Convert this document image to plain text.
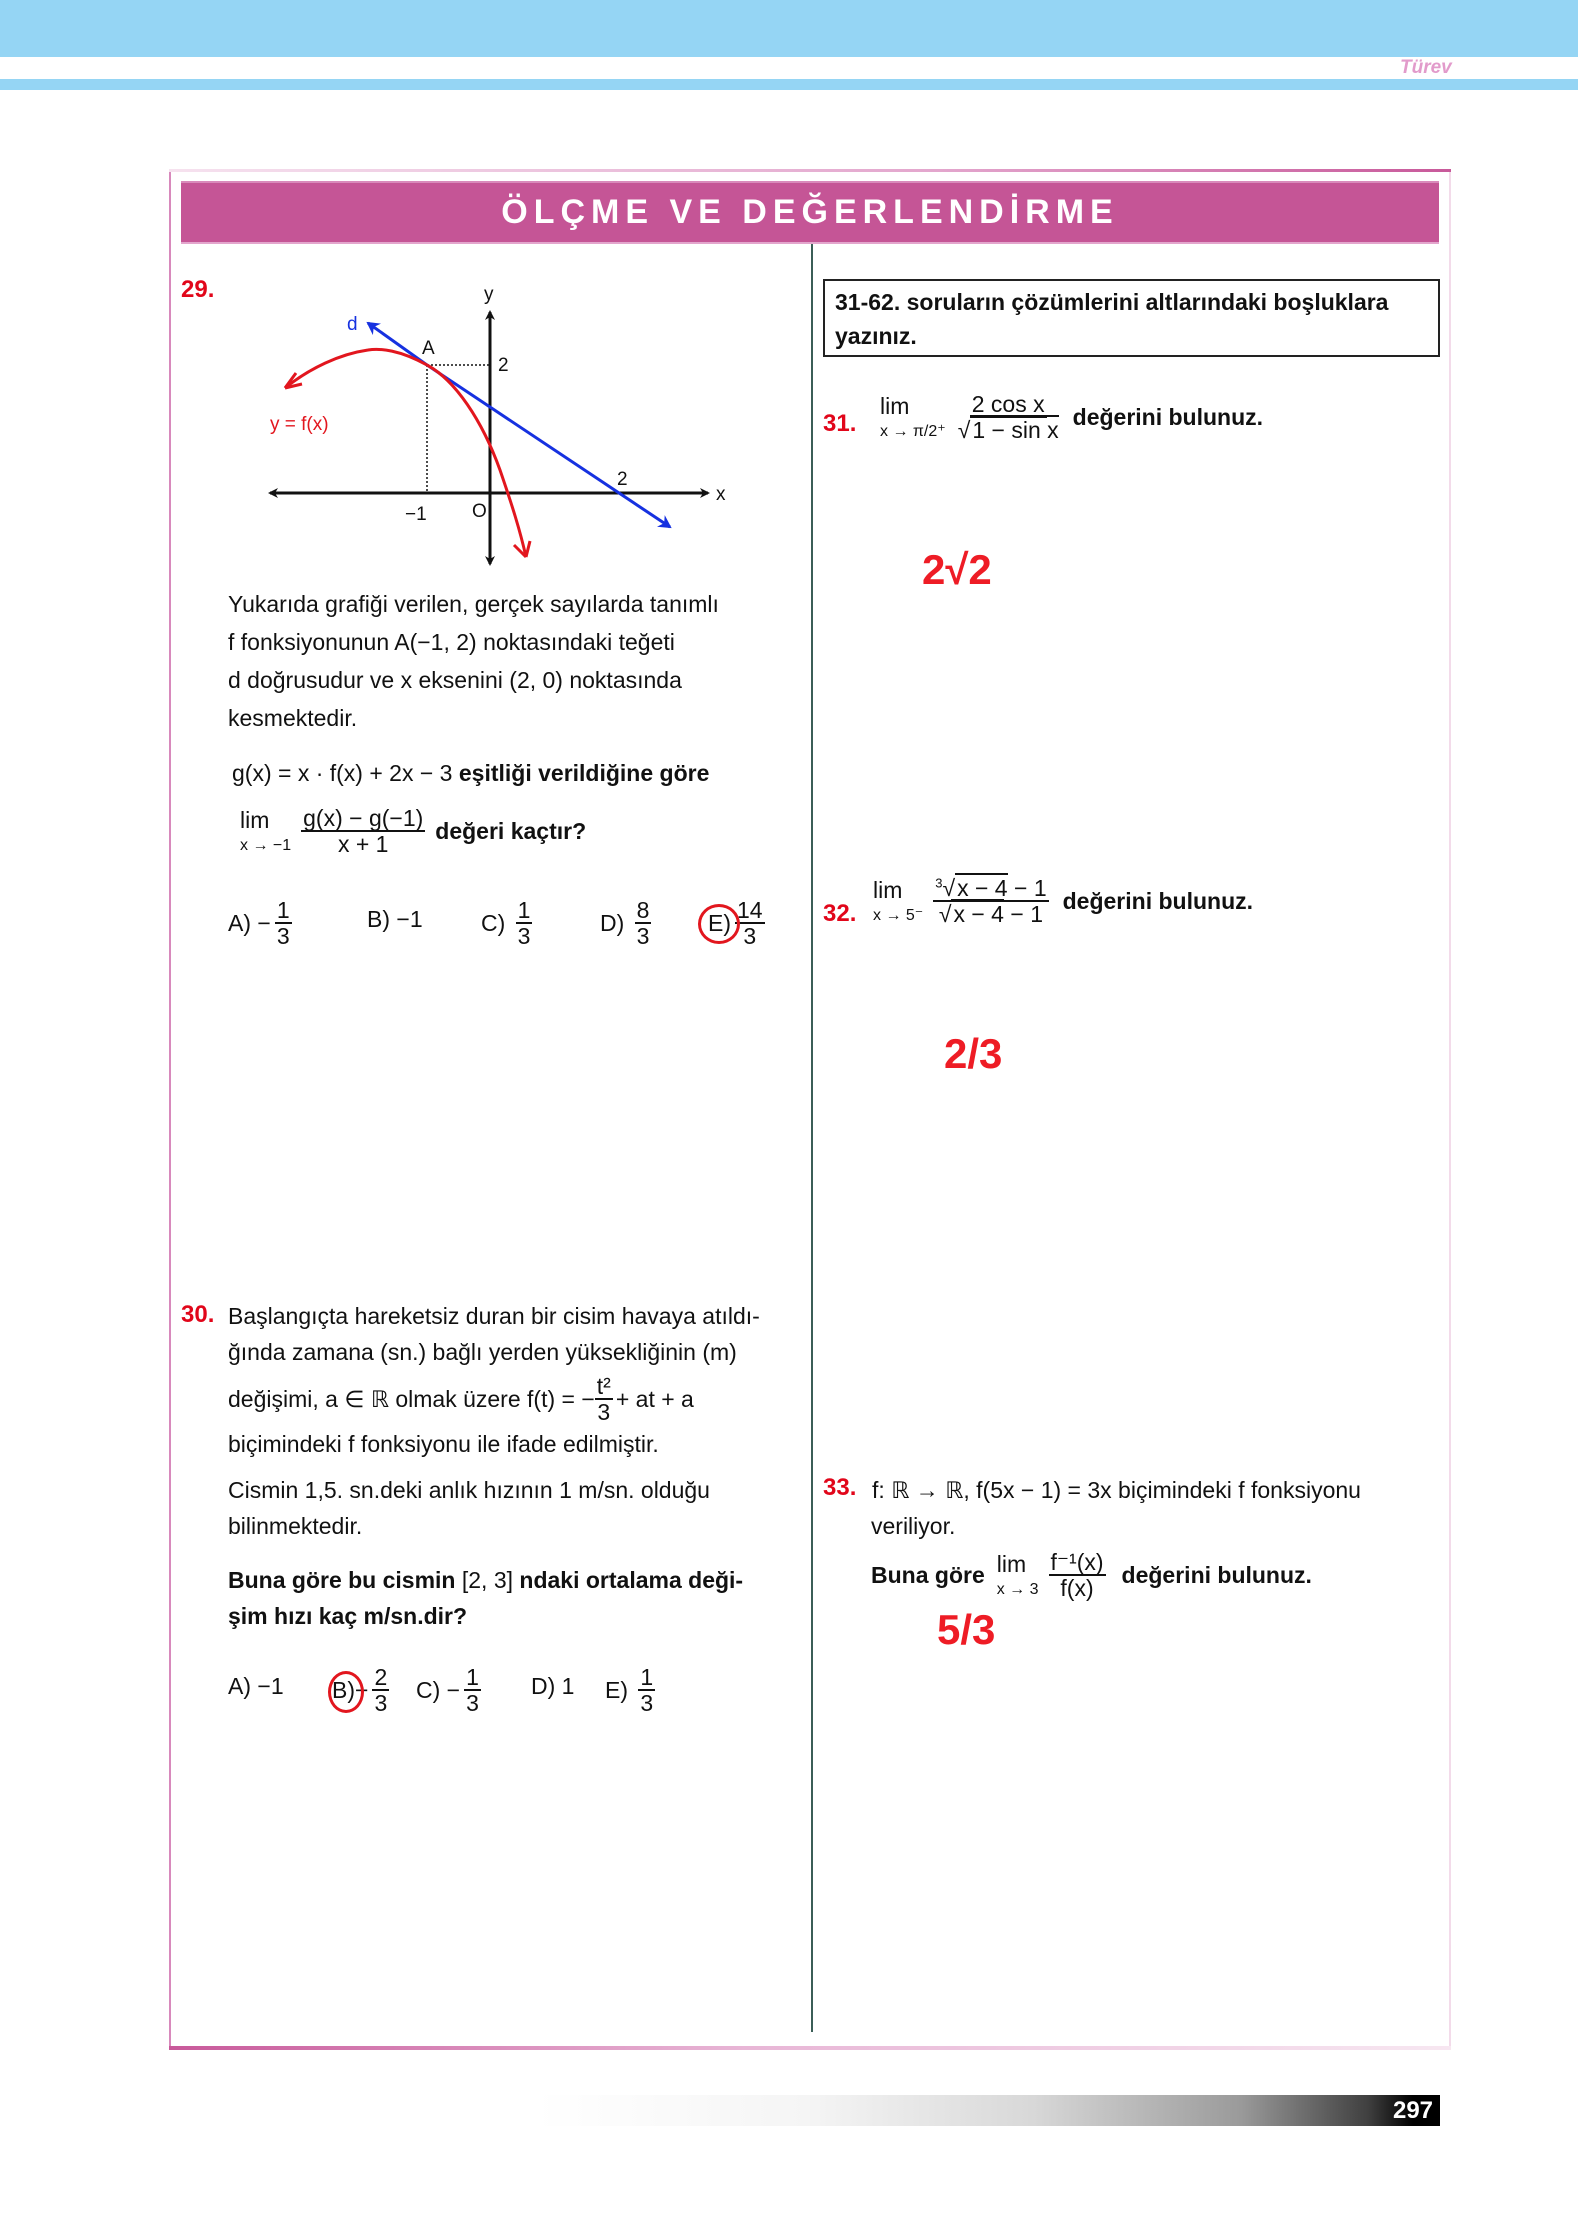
Türev
ÖLÇME VE DEĞERLENDİRME
29.	y
x
d
A
2
2
−1 O
y = f(x)
Yukarıda grafiği verilen, gerçek sayılarda tanımlı
f fonksiyonunun A(−1, 2) noktasındaki teğeti
d doğrusudur ve x eksenini (2, 0) noktasında
kesmektedir.
g(x) = x · f(x) + 2x − 3 eşitliği verildiğine göre
lim
$x \to -1 \frac{g(x) - g(-1)}{x + 1}$ değeri kaçtır?
A)
− $\frac{1}{3}$	B)
−1	C)
$\frac{1}{3}$	D)
$\frac{8}{3} E) \frac{14}{3}$
30. Başlangıçta hareketsiz duran bir cisim havaya atıldı-
ğında zamana (sn.) bağlı yerden yüksekliğinin (m)
değişimi, a ∈ ℝ olmak üzere f(t) = − $\frac{\text{t²}}{3}$ + at + a
biçimindeki f fonksiyonu ile ifade edilmiştir.
Cismin 1,5. sn.deki anlık hızının 1 m/sn. olduğu
bilinmektedir.
Buna göre bu cismin [2, 3] ndaki ortalama deği-
şim hızı kaç m/sn.dir?
A)
−1 $B) - \frac{2}{3} C$)
− $\frac{1}{3} D$)
1 E)
$\frac{1}{3}$
31-62. soruların çözümlerini altlarındaki boşluklara
yazınız.
31.
lim
$x \to \pi/2^+ \frac{\text{2 cos x}}{\text{√1 − sin x}}$ değerini bulunuz.
2√2
32.
lim
$x \to 5^- \frac{^3√x - 4 - 1}{√x - 4 - 1}$ değerini bulunuz.
2/3
33. f: ℝ → ℝ, f(5x − 1) = 3x biçimindeki f fonksiyonu
veriliyor.
Buna göre lim
$x \to 3 \frac{\text{f⁻¹(x)}}{f(x)}$ değerini bulunuz.
5/3
297
